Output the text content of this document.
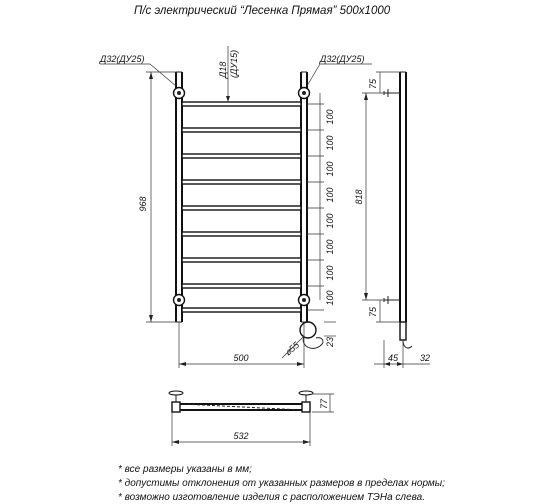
П/с электрический “Лесенка Прямая” 500х1000
Д32(ДУ25)	Д32(ДУ25)
Д18 (ДУ15)
968
100
100
100
100
100
100
100
100
23
⌀55
500
818
75
75
45 32
77
532
* все размеры указаны в мм;
* допустимы отклонения от указанных размеров в пределах нормы;
* возможно изготовление изделия с расположением ТЭНа слева.
